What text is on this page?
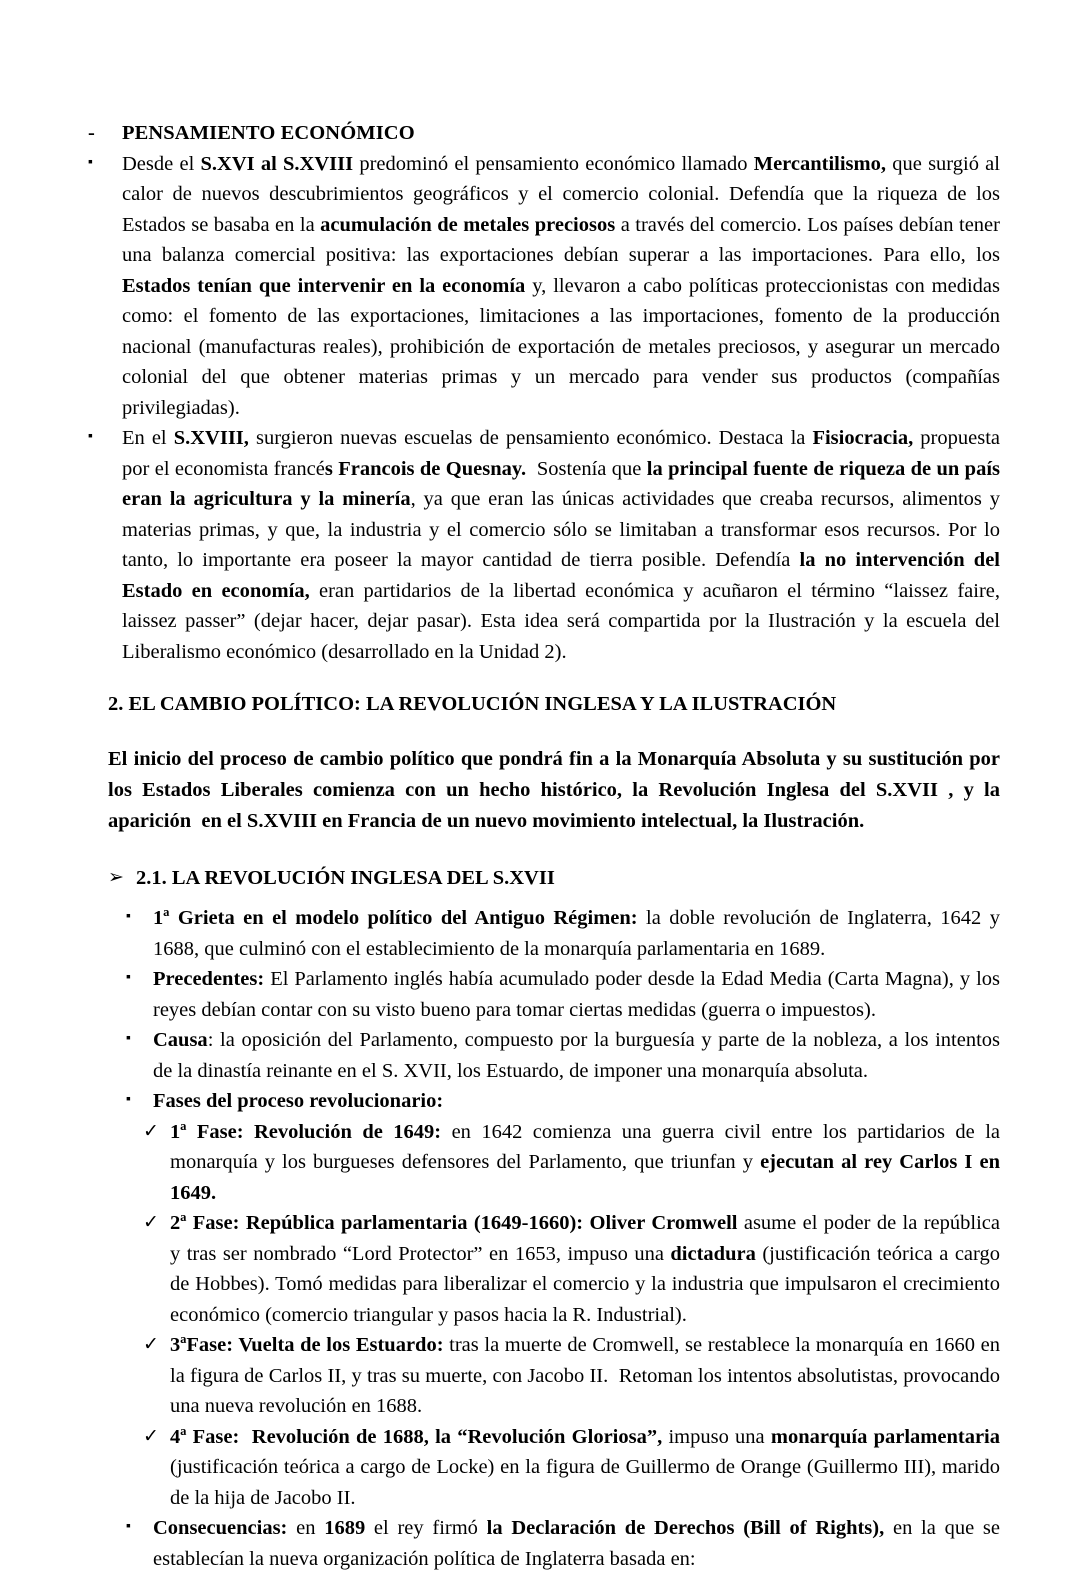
-	PENSAMIENTO ECONÓMICO
▪	Desde el S.XVI al S.XVIII predominó el pensamiento económico llamado Mercantilismo, que surgió al calor de nuevos descubrimientos geográficos y el comercio colonial. Defendía que la riqueza de los Estados se basaba en la acumulación de metales preciosos a través del comercio. Los países debían tener una balanza comercial positiva: las exportaciones debían superar a las importaciones. Para ello, los Estados tenían que intervenir en la economía y, llevaron a cabo políticas proteccionistas con medidas como: el fomento de las exportaciones, limitaciones a las importaciones, fomento de la producción nacional (manufacturas reales), prohibición de exportación de metales preciosos, y asegurar un mercado colonial del que obtener materias primas y un mercado para vender sus productos (compañías privilegiadas).
▪	En el S.XVIII, surgieron nuevas escuelas de pensamiento económico. Destaca la Fisiocracia, propuesta por el economista francés Francois de Quesnay.  Sostenía que la principal fuente de riqueza de un país eran la agricultura y la minería, ya que eran las únicas actividades que creaba recursos, alimentos y materias primas, y que, la industria y el comercio sólo se limitaban a transformar esos recursos. Por lo tanto, lo importante era poseer la mayor cantidad de tierra posible. Defendía la no intervención del Estado en economía, eran partidarios de la libertad económica y acuñaron el término “laissez faire, laissez passer” (dejar hacer, dejar pasar). Esta idea será compartida por la Ilustración y la escuela del Liberalismo económico (desarrollado en la Unidad 2).
2. EL CAMBIO POLÍTICO: LA REVOLUCIÓN INGLESA Y LA ILUSTRACIÓN
El inicio del proceso de cambio político que pondrá fin a la Monarquía Absoluta y su sustitución por los Estados Liberales comienza con un hecho histórico, la Revolución Inglesa del S.XVII , y la aparición  en el S.XVIII en Francia de un nuevo movimiento intelectual, la Ilustración.
➢ 2.1. LA REVOLUCIÓN INGLESA DEL S.XVII
▪	1ª Grieta en el modelo político del Antiguo Régimen: la doble revolución de Inglaterra, 1642 y 1688, que culminó con el establecimiento de la monarquía parlamentaria en 1689.
▪	Precedentes: El Parlamento inglés había acumulado poder desde la Edad Media (Carta Magna), y los reyes debían contar con su visto bueno para tomar ciertas medidas (guerra o impuestos).
▪	Causa: la oposición del Parlamento, compuesto por la burguesía y parte de la nobleza, a los intentos de la dinastía reinante en el S. XVII, los Estuardo, de imponer una monarquía absoluta.
▪	Fases del proceso revolucionario:
✓ 1ª Fase: Revolución de 1649: en 1642 comienza una guerra civil entre los partidarios de la monarquía y los burgueses defensores del Parlamento, que triunfan y ejecutan al rey Carlos I en 1649.
✓ 2ª Fase: República parlamentaria (1649-1660): Oliver Cromwell asume el poder de la república y tras ser nombrado “Lord Protector” en 1653, impuso una dictadura (justificación teórica a cargo de Hobbes). Tomó medidas para liberalizar el comercio y la industria que impulsaron el crecimiento económico (comercio triangular y pasos hacia la R. Industrial).
✓ 3ªFase: Vuelta de los Estuardo: tras la muerte de Cromwell, se restablece la monarquía en 1660 en la figura de Carlos II, y tras su muerte, con Jacobo II.  Retoman los intentos absolutistas, provocando una nueva revolución en 1688.
✓ 4ª Fase:  Revolución de 1688, la “Revolución Gloriosa”, impuso una monarquía parlamentaria (justificación teórica a cargo de Locke) en la figura de Guillermo de Orange (Guillermo III), marido de la hija de Jacobo II.
▪	Consecuencias: en 1689 el rey firmó la Declaración de Derechos (Bill of Rights), en la que se establecían la nueva organización política de Inglaterra basada en:
